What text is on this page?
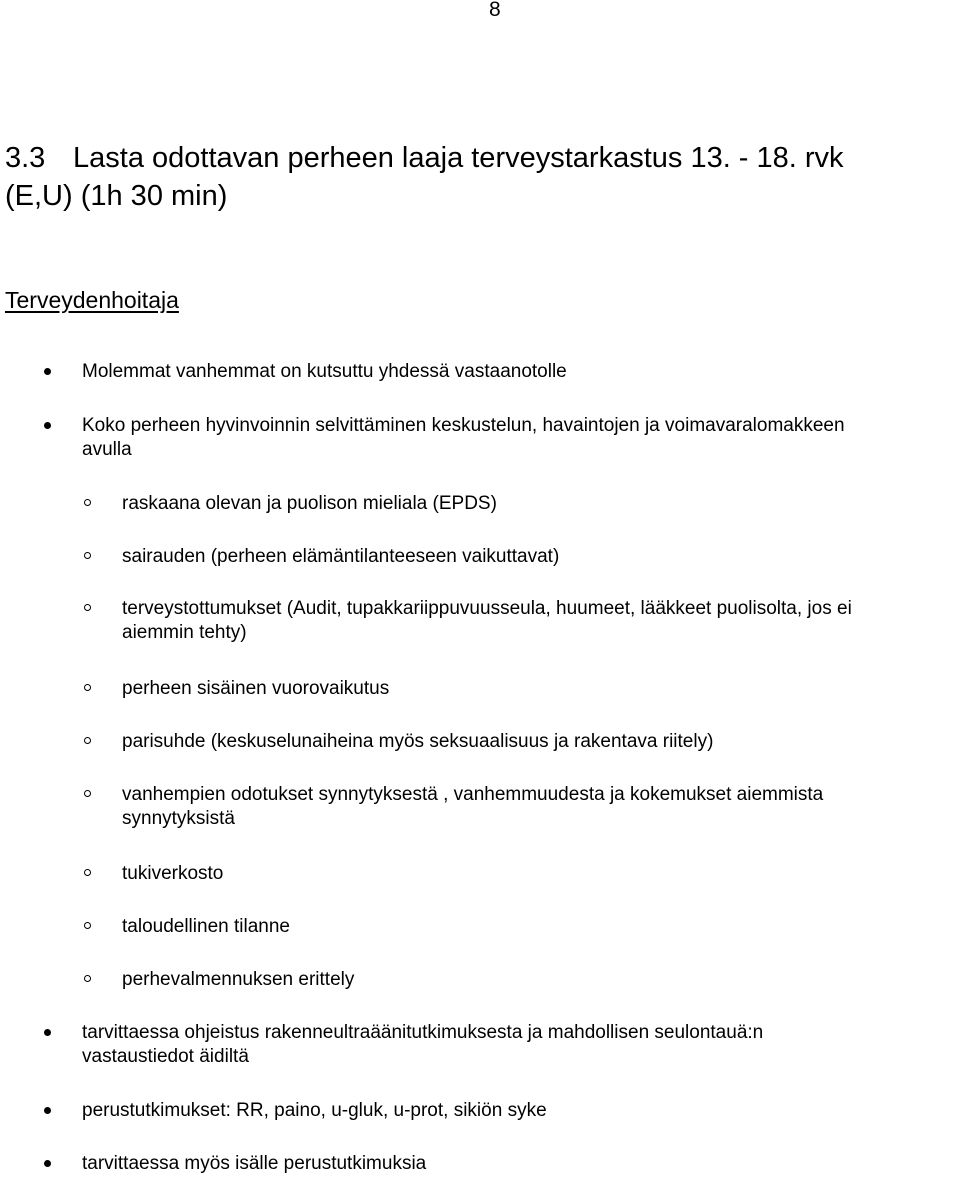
8
3.3 Lasta odottavan perheen laaja terveystarkastus 13. - 18. rvk
(E,U) (1h 30 min)
Terveydenhoitaja
Molemmat vanhemmat on kutsuttu yhdessä vastaanotolle
Koko perheen hyvinvoinnin selvittäminen keskustelun, havaintojen ja voimavaralomakkeen
avulla
raskaana olevan ja puolison mieliala (EPDS)
sairauden (perheen elämäntilanteeseen vaikuttavat)
terveystottumukset (Audit, tupakkariippuvuusseula, huumeet, lääkkeet puolisolta, jos ei
aiemmin tehty)
perheen sisäinen vuorovaikutus
parisuhde (keskuselunaiheina myös seksuaalisuus ja rakentava riitely)
vanhempien odotukset synnytyksestä , vanhemmuudesta ja kokemukset aiemmista
synnytyksistä
tukiverkosto
taloudellinen tilanne
perhevalmennuksen erittely
tarvittaessa ohjeistus rakenneultraäänitutkimuksesta ja mahdollisen seulontauä:n
vastaustiedot äidiltä
perustutkimukset: RR, paino, u-gluk, u-prot, sikiön syke
tarvittaessa myös isälle perustutkimuksia
